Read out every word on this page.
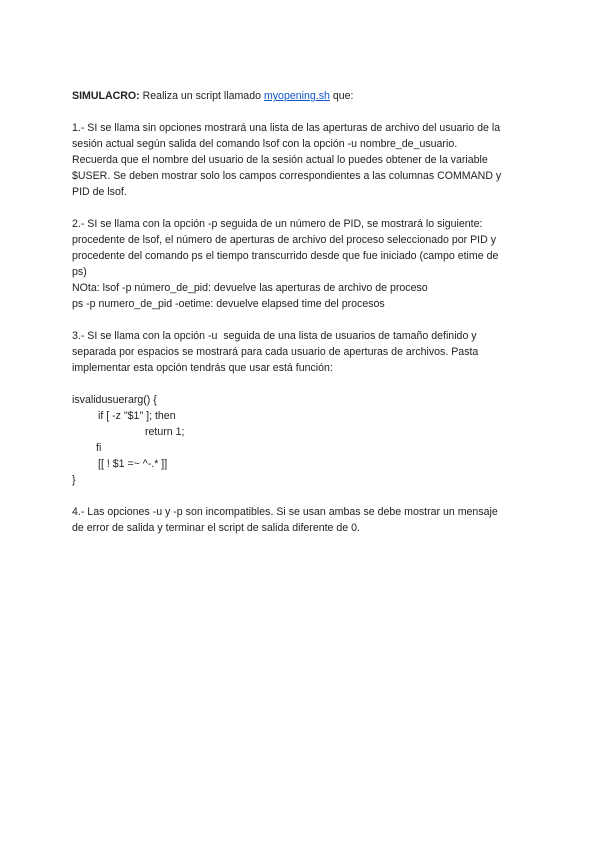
SIMULACRO: Realiza un script llamado myopening.sh que:
1.- SI se llama sin opciones mostrará una lista de las aperturas de archivo del usuario de la
sesión actual según salida del comando lsof con la opción -u nombre_de_usuario.
Recuerda que el nombre del usuario de la sesión actual lo puedes obtener de la variable
$USER. Se deben mostrar solo los campos correspondientes a las columnas COMMAND y
PID de lsof.
2.- SI se llama con la opción -p seguida de un número de PID, se mostrará lo siguiente:
procedente de lsof, el número de aperturas de archivo del proceso seleccionado por PID y
procedente del comando ps el tiempo transcurrido desde que fue iniciado (campo etime de
ps)
NOta: lsof -p número_de_pid: devuelve las aperturas de archivo de proceso
ps -p numero_de_pid -oetime: devuelve elapsed time del procesos
3.- SI se llama con la opción -u  seguida de una lista de usuarios de tamaño definido y
separada por espacios se mostrará para cada usuario de aperturas de archivos. Pasta
implementar esta opción tendrás que usar está función:
isvalidusuerarg() {
if [ -z "$1" ]; then
return 1;
fi
[[ ! $1 =~ ^-.* ]]
}
4.- Las opciones -u y -p son incompatibles. Si se usan ambas se debe mostrar un mensaje
de error de salida y terminar el script de salida diferente de 0.
